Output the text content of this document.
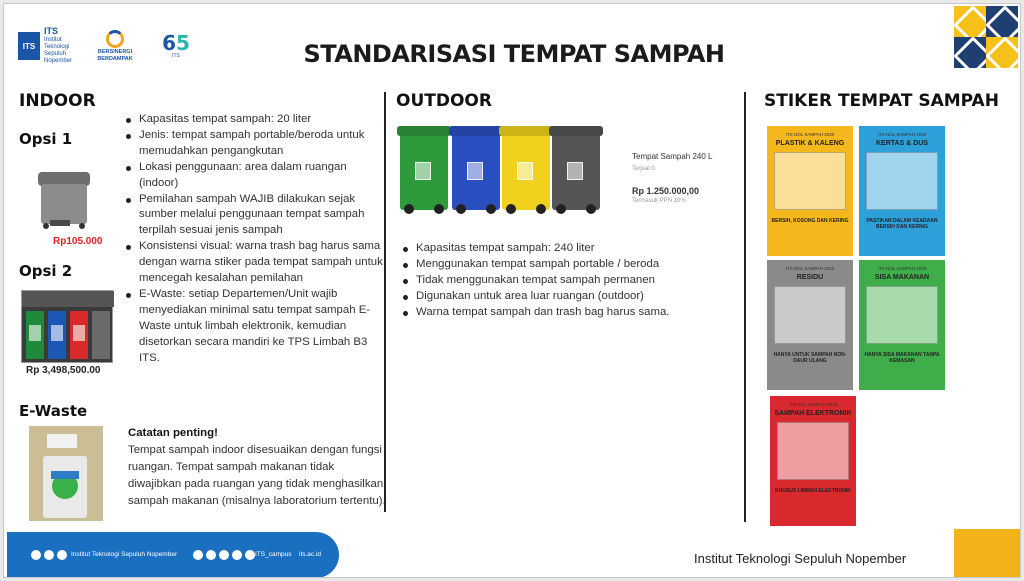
ITS
ITS
Institut Teknologi Sepuluh Nopember
BERSINERGI
BERDAMPAK
65
ITS	STANDARISASI TEMPAT SAMPAH
INDOOR
Opsi 1
Rp105.000
Opsi 2
Rp 3,498,500.00
E-Waste
Kapasitas tempat sampah: 20 liter
Jenis: tempat sampah portable/beroda untuk memudahkan pengangkutan
Lokasi penggunaan: area dalam ruangan (indoor)
Pemilahan sampah WAJIB dilakukan sejak sumber melalui penggunaan tempat sampah terpilah sesuai jenis sampah
Konsistensi visual: warna trash bag harus sama dengan warna stiker pada tempat sampah untuk mencegah kesalahan pemilahan
E-Waste: setiap Departemen/Unit wajib menyediakan minimal satu tempat sampah E-Waste untuk limbah elektronik, kemudian disetorkan secara mandiri ke TPS Limbah B3 ITS.
Catatan penting!
Tempat sampah indoor disesuaikan dengan fungsi ruangan. Tempat sampah makanan tidak diwajibkan pada ruangan yang tidak menghasilkan sampah makanan (misalnya laboratorium tertentu).
OUTDOOR
Tempat Sampah 240 L
Terjual 0
Rp 1.250.000,00
Termasuk PPN 10%
Kapasitas tempat sampah: 240 liter
Menggunakan tempat sampah portable / beroda
Tidak menggunakan tempat sampah permanen
Digunakan untuk area luar ruangan (outdoor)
Warna tempat sampah dan trash bag harus sama.
STIKER TEMPAT SAMPAH
ITS NOL SAMPAH 2030
PLASTIK & KALENG
BERSIH, KOSONG DAN KERING
ITS NOL SAMPAH 2030
KERTAS & DUS
PASTIKAN DALAM KEADAAN BERSIH DAN KERING
ITS NOL SAMPAH 2030
RESIDU
HANYA UNTUK SAMPAH NON-DAUR ULANG
ITS NOL SAMPAH 2030
SISA MAKANAN
HANYA SISA MAKANAN TANPA KEMASAN
ITS NOL SAMPAH 2030
SAMPAH ELEKTRONIK
KHUSUS LIMBAH ELEKTRONIK
Institut Teknologi Sepuluh Nopember	ITS_campus its.ac.id	Institut Teknologi Sepuluh Nopember
